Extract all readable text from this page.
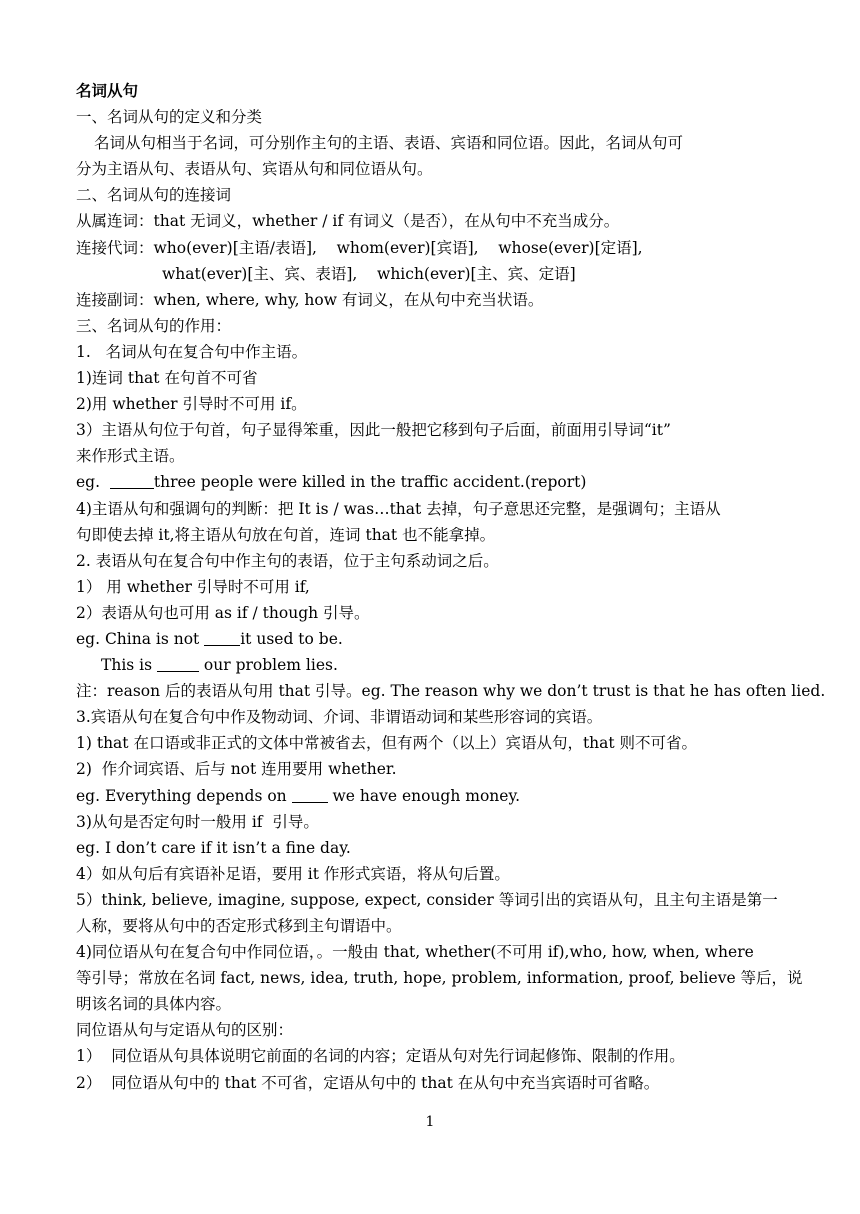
名词从句
一、名词从句的定义和分类
名词从句相当于名词，可分别作主句的主语、表语、宾语和同位语。因此，名词从句可
分为主语从句、表语从句、宾语从句和同位语从句。
二、名词从句的连接词
从属连词：that 无词义，whether / if 有词义（是否），在从句中不充当成分。
连接代词：who(ever)[主语/表语],    whom(ever)[宾语],    whose(ever)[定语],
what(ever)[主、宾、表语],    which(ever)[主、宾、定语]
连接副词：when, where, why, how 有词义，在从句中充当状语。
三、名词从句的作用：
1.   名词从句在复合句中作主语。
1)连词 that 在句首不可省
2)用 whether 引导时不可用 if。
3）主语从句位于句首，句子显得笨重，因此一般把它移到句子后面，前面用引导词“it”
来作形式主语。
eg.	three people were killed in the traffic accident.(report)
4)主语从句和强调句的判断：把 It is / was…that 去掉，句子意思还完整，是强调句；主语从
句即使去掉 it,将主语从句放在句首，连词 that 也不能拿掉。
2. 表语从句在复合句中作主句的表语，位于主句系动词之后。
1） 用 whether 引导时不可用 if,
2）表语从句也可用 as if / though 引导。
eg. China is not it used to be.
This is	our problem lies.
注：reason 后的表语从句用 that 引导。eg. The reason why we don’t trust is that he has often lied.
3.宾语从句在复合句中作及物动词、介词、非谓语动词和某些形容词的宾语。
1) that 在口语或非正式的文体中常被省去，但有两个（以上）宾语从句，that 则不可省。
2)  作介词宾语、后与 not 连用要用 whether.
eg. Everything depends on  we have enough money.
3)从句是否定句时一般用 if  引导。
eg. I don’t care if it isn’t a fine day.
4）如从句后有宾语补足语，要用 it 作形式宾语，将从句后置。
5）think, believe, imagine, suppose, expect, consider 等词引出的宾语从句，且主句主语是第一
人称，要将从句中的否定形式移到主句谓语中。
4)同位语从句在复合句中作同位语，。一般由 that, whether(不可用 if),who, how, when, where
等引导；常放在名词 fact, news, idea, truth, hope, problem, information, proof, believe 等后，说
明该名词的具体内容。
同位语从句与定语从句的区别：
1）  同位语从句具体说明它前面的名词的内容；定语从句对先行词起修饰、限制的作用。
2）  同位语从句中的 that 不可省，定语从句中的 that 在从句中充当宾语时可省略。
1
